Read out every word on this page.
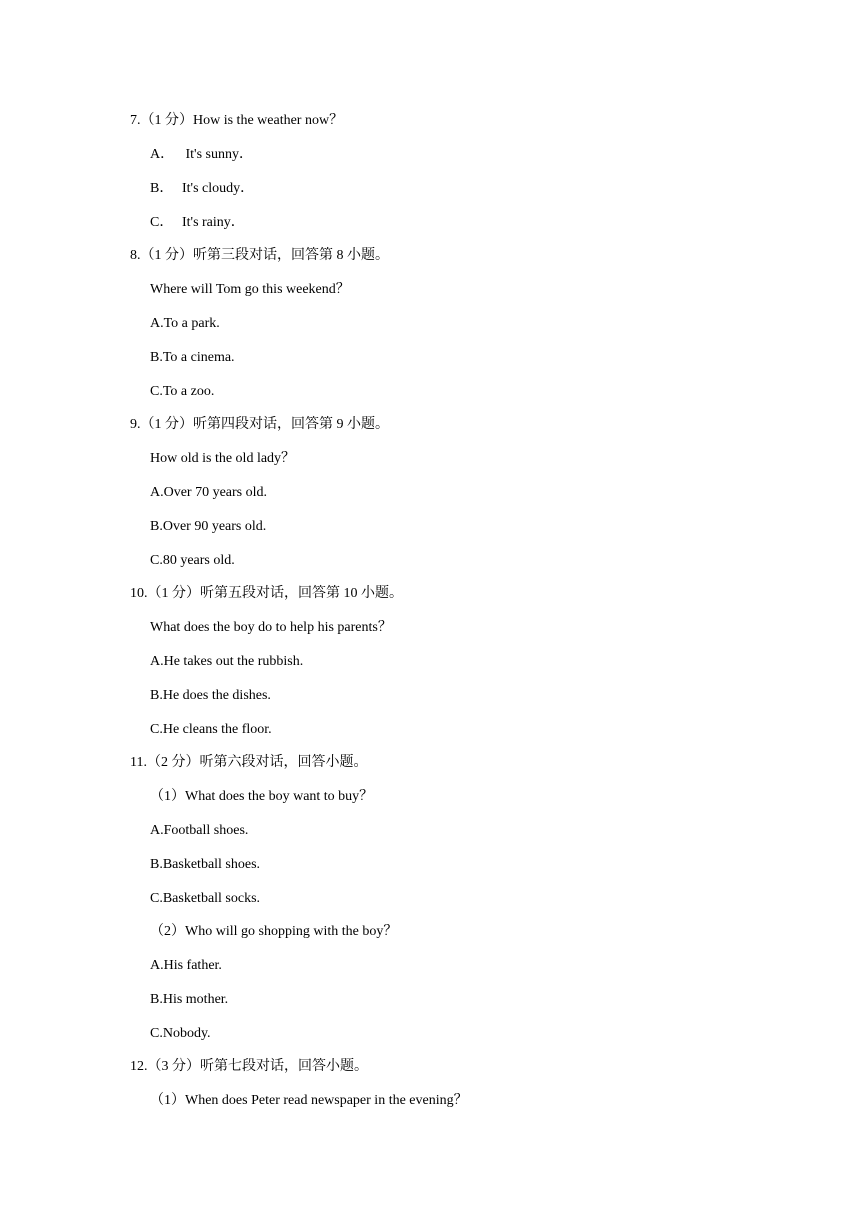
7.（1 分）How is the weather now？
A． It's sunny．
B． It's cloudy．
C． It's rainy．
8.（1 分）听第三段对话，回答第 8 小题。
Where will Tom go this weekend？
A.To a park.
B.To a cinema.
C.To a zoo.
9.（1 分）听第四段对话，回答第 9 小题。
How old is the old lady？
A.Over 70 years old.
B.Over 90 years old.
C.80 years old.
10.（1 分）听第五段对话，回答第 10 小题。
What does the boy do to help his parents？
A.He takes out the rubbish.
B.He does the dishes.
C.He cleans the floor.
11.（2 分）听第六段对话，回答小题。
（1）What does the boy want to buy？
A.Football shoes.
B.Basketball shoes.
C.Basketball socks.
（2）Who will go shopping with the boy？
A.His father.
B.His mother.
C.Nobody.
12.（3 分）听第七段对话，回答小题。
（1）When does Peter read newspaper in the evening？
